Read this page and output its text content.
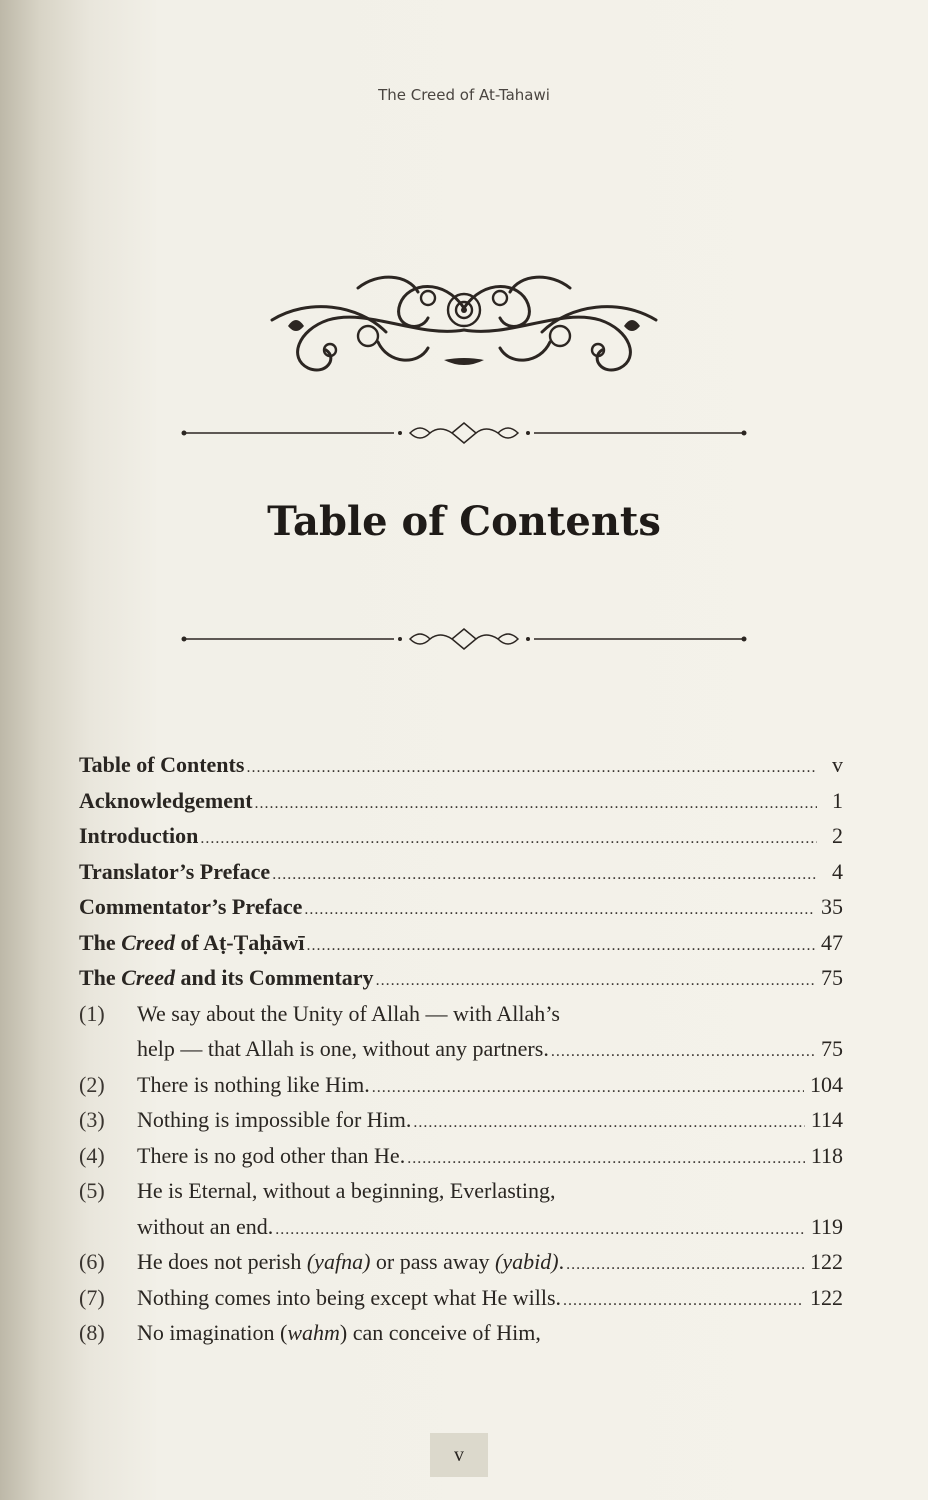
The Creed of At-Tahawi
Table of Contents
Table of Contents .....	v
Acknowledgement .....	1
Introduction .....	2
Translator’s Preface .....	4
Commentator’s Preface .....	35
The Creed of Aṭ-Ṭaḥāwī .....	47
The Creed and its Commentary .....	75
(1)	We say about the Unity of Allah — with Allah’s
help — that Allah is one, without any partners. .....	75
(2)	There is nothing like Him. .....	104
(3)	Nothing is impossible for Him. .....	114
(4)	There is no god other than He. .....	118
(5)	He is Eternal, without a beginning, Everlasting,
without an end. .....	119
(6)	He does not perish (yafna) or pass away (yabid). .....	122
(7)	Nothing comes into being except what He wills. .....	122
(8)	No imagination (wahm) can conceive of Him,
v
